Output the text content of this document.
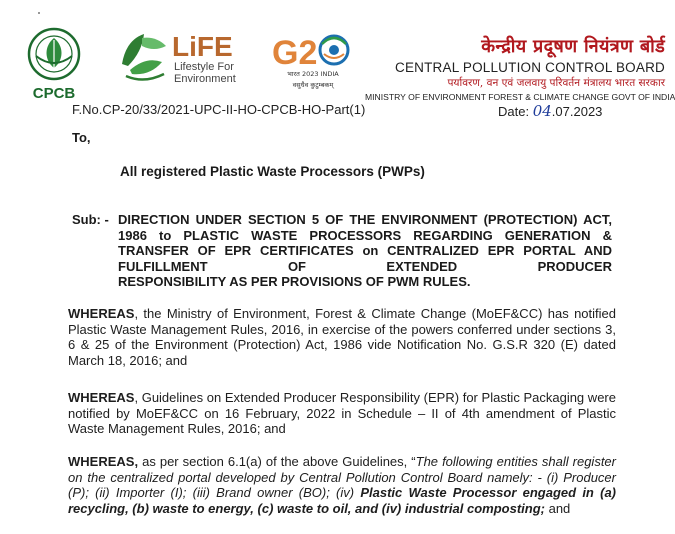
CPCB
LiFE
Lifestyle For
Environment
G2
भारत 2023 INDIA
वसुधैव कुटुम्बकम्
केन्द्रीय प्रदूषण नियंत्रण बोर्ड
CENTRAL POLLUTION CONTROL BOARD
पर्यावरण, वन एवं जलवायु परिवर्तन मंत्रालय भारत सरकार
MINISTRY OF ENVIRONMENT FOREST & CLIMATE CHANGE GOVT OF INDIA
F.No.CP-20/33/2021-UPC-II-HO-CPCB-HO-Part(1)	Date: 04.07.2023
To,
All registered Plastic Waste Processors (PWPs)
Sub: - DIRECTION UNDER SECTION 5 OF THE ENVIRONMENT (PROTECTION) ACT, 1986 to PLASTIC WASTE PROCESSORS REGARDING GENERATION & TRANSFER OF EPR CERTIFICATES on CENTRALIZED EPR PORTAL AND FULFILLMENT OF EXTENDED PRODUCER
RESPONSIBILITY AS PER PROVISIONS OF PWM RULES.
WHEREAS, the Ministry of Environment, Forest & Climate Change (MoEF&CC) has notified Plastic Waste Management Rules, 2016, in exercise of the powers conferred under sections 3, 6 & 25 of the Environment (Protection) Act, 1986 vide Notification No. G.S.R 320 (E) dated March 18, 2016; and
WHEREAS, Guidelines on Extended Producer Responsibility (EPR) for Plastic Packaging were notified by MoEF&CC on 16 February, 2022 in Schedule – II of 4th amendment of Plastic Waste Management Rules, 2016; and
WHEREAS, as per section 6.1(a) of the above Guidelines, “The following entities shall register on the centralized portal developed by Central Pollution Control Board namely: - (i) Producer (P); (ii) Importer (I); (iii) Brand owner (BO); (iv) Plastic Waste Processor engaged in (a) recycling, (b) waste to energy, (c) waste to oil, and (iv) industrial composting; and
